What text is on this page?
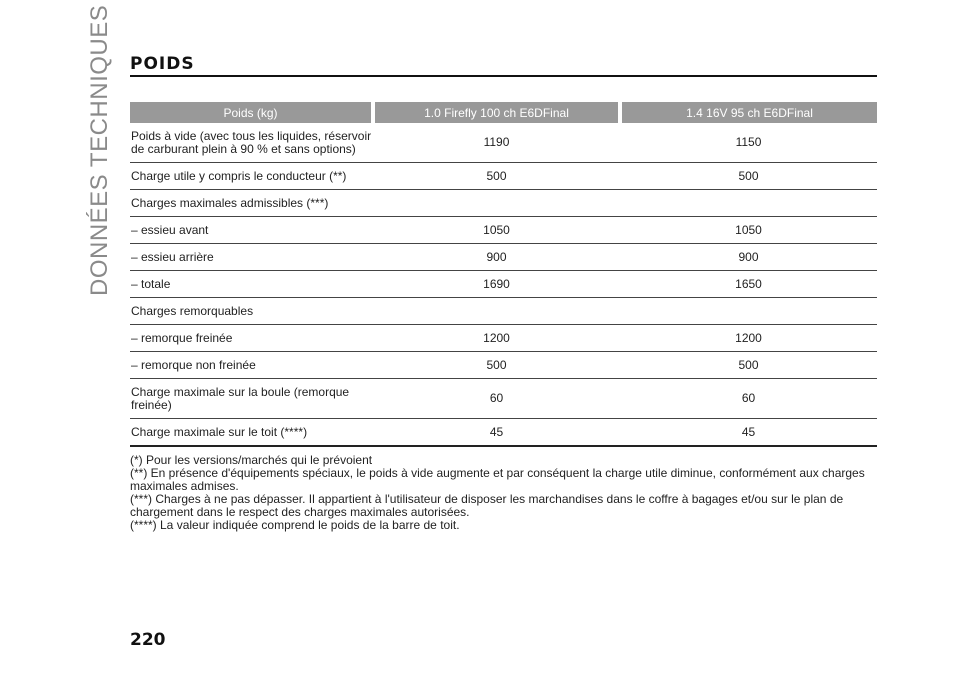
DONNÉES TECHNIQUES POIDS
Poids (kg)	1.0 Firefly 100 ch E6DFinal	1.4 16V 95 ch E6DFinal
Poids à vide (avec tous les liquides, réservoir de carburant plein à 90 % et sans options)	1190	1150
Charge utile y compris le conducteur (**)	500	500
Charges maximales admissibles (***)		
– essieu avant	1050	1050
– essieu arrière	900	900
– totale	1690	1650
Charges remorquables		
– remorque freinée	1200	1200
– remorque non freinée	500	500
Charge maximale sur la boule (remorque freinée)	60	60
Charge maximale sur le toit (****)	45	45

(*) Pour les versions/marchés qui le prévoient

(**) En présence d'équipements spéciaux, le poids à vide augmente et par conséquent la charge utile diminue, conformément aux charges maximales admises.

(***) Charges à ne pas dépasser. Il appartient à l'utilisateur de disposer les marchandises dans le coffre à bagages et/ou sur le plan de chargement dans le respect des charges maximales autorisées.

(****) La valeur indiquée comprend le poids de la barre de toit.

220
